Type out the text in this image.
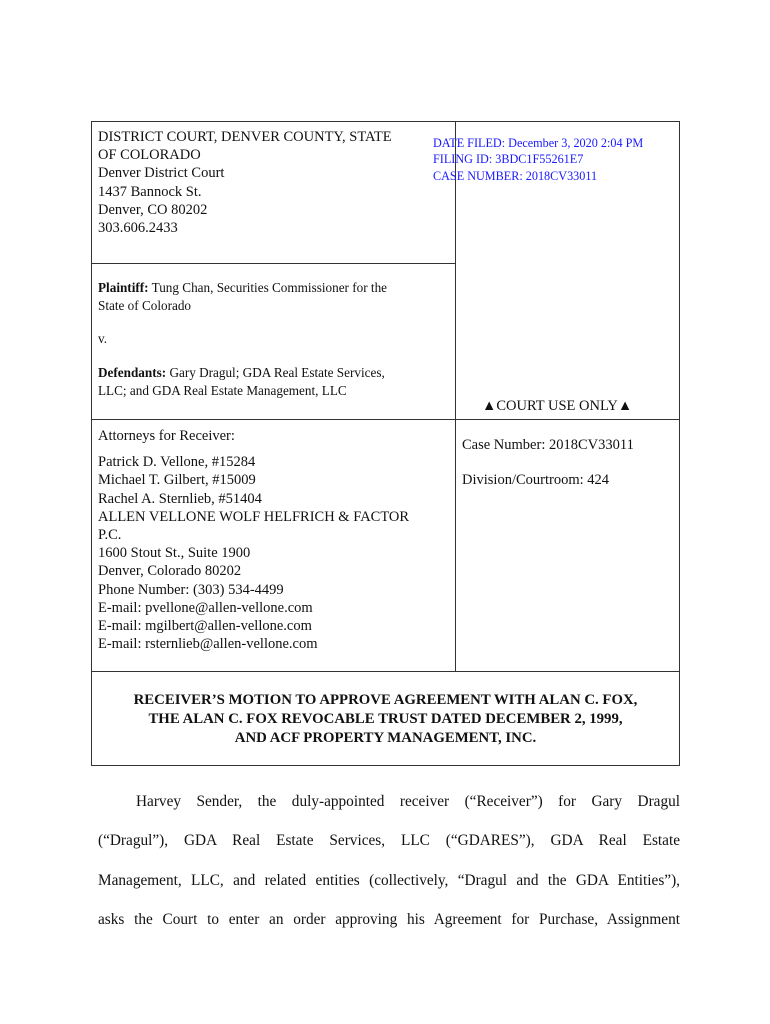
DISTRICT COURT, DENVER COUNTY, STATE
OF COLORADO
Denver District Court
1437 Bannock St.
Denver, CO 80202
303.606.2433
DATE FILED: December 3, 2020 2:04 PM
FILING ID: 3BDC1F55261E7
CASE NUMBER: 2018CV33011
Plaintiff: Tung Chan, Securities Commissioner for the
State of Colorado
v.
Defendants: Gary Dragul; GDA Real Estate Services,
LLC; and GDA Real Estate Management, LLC
▲COURT USE ONLY▲
Attorneys for Receiver:
Patrick D. Vellone, #15284
Michael T. Gilbert, #15009
Rachel A. Sternlieb, #51404
ALLEN VELLONE WOLF HELFRICH & FACTOR
P.C.
1600 Stout St., Suite 1900
Denver, Colorado 80202
Phone Number: (303) 534-4499
E-mail: pvellone@allen-vellone.com
E-mail: mgilbert@allen-vellone.com
E-mail: rsternlieb@allen-vellone.com
Case Number: 2018CV33011
Division/Courtroom: 424
RECEIVER’S MOTION TO APPROVE AGREEMENT WITH ALAN C. FOX,
THE ALAN C. FOX REVOCABLE TRUST DATED DECEMBER 2, 1999,
AND ACF PROPERTY MANAGEMENT, INC.
Harvey Sender, the duly-appointed receiver (“Receiver”) for Gary Dragul
(“Dragul”), GDA Real Estate Services, LLC (“GDARES”), GDA Real Estate
Management, LLC, and related entities (collectively, “Dragul and the GDA Entities”),
asks the Court to enter an order approving his Agreement for Purchase, Assignment
